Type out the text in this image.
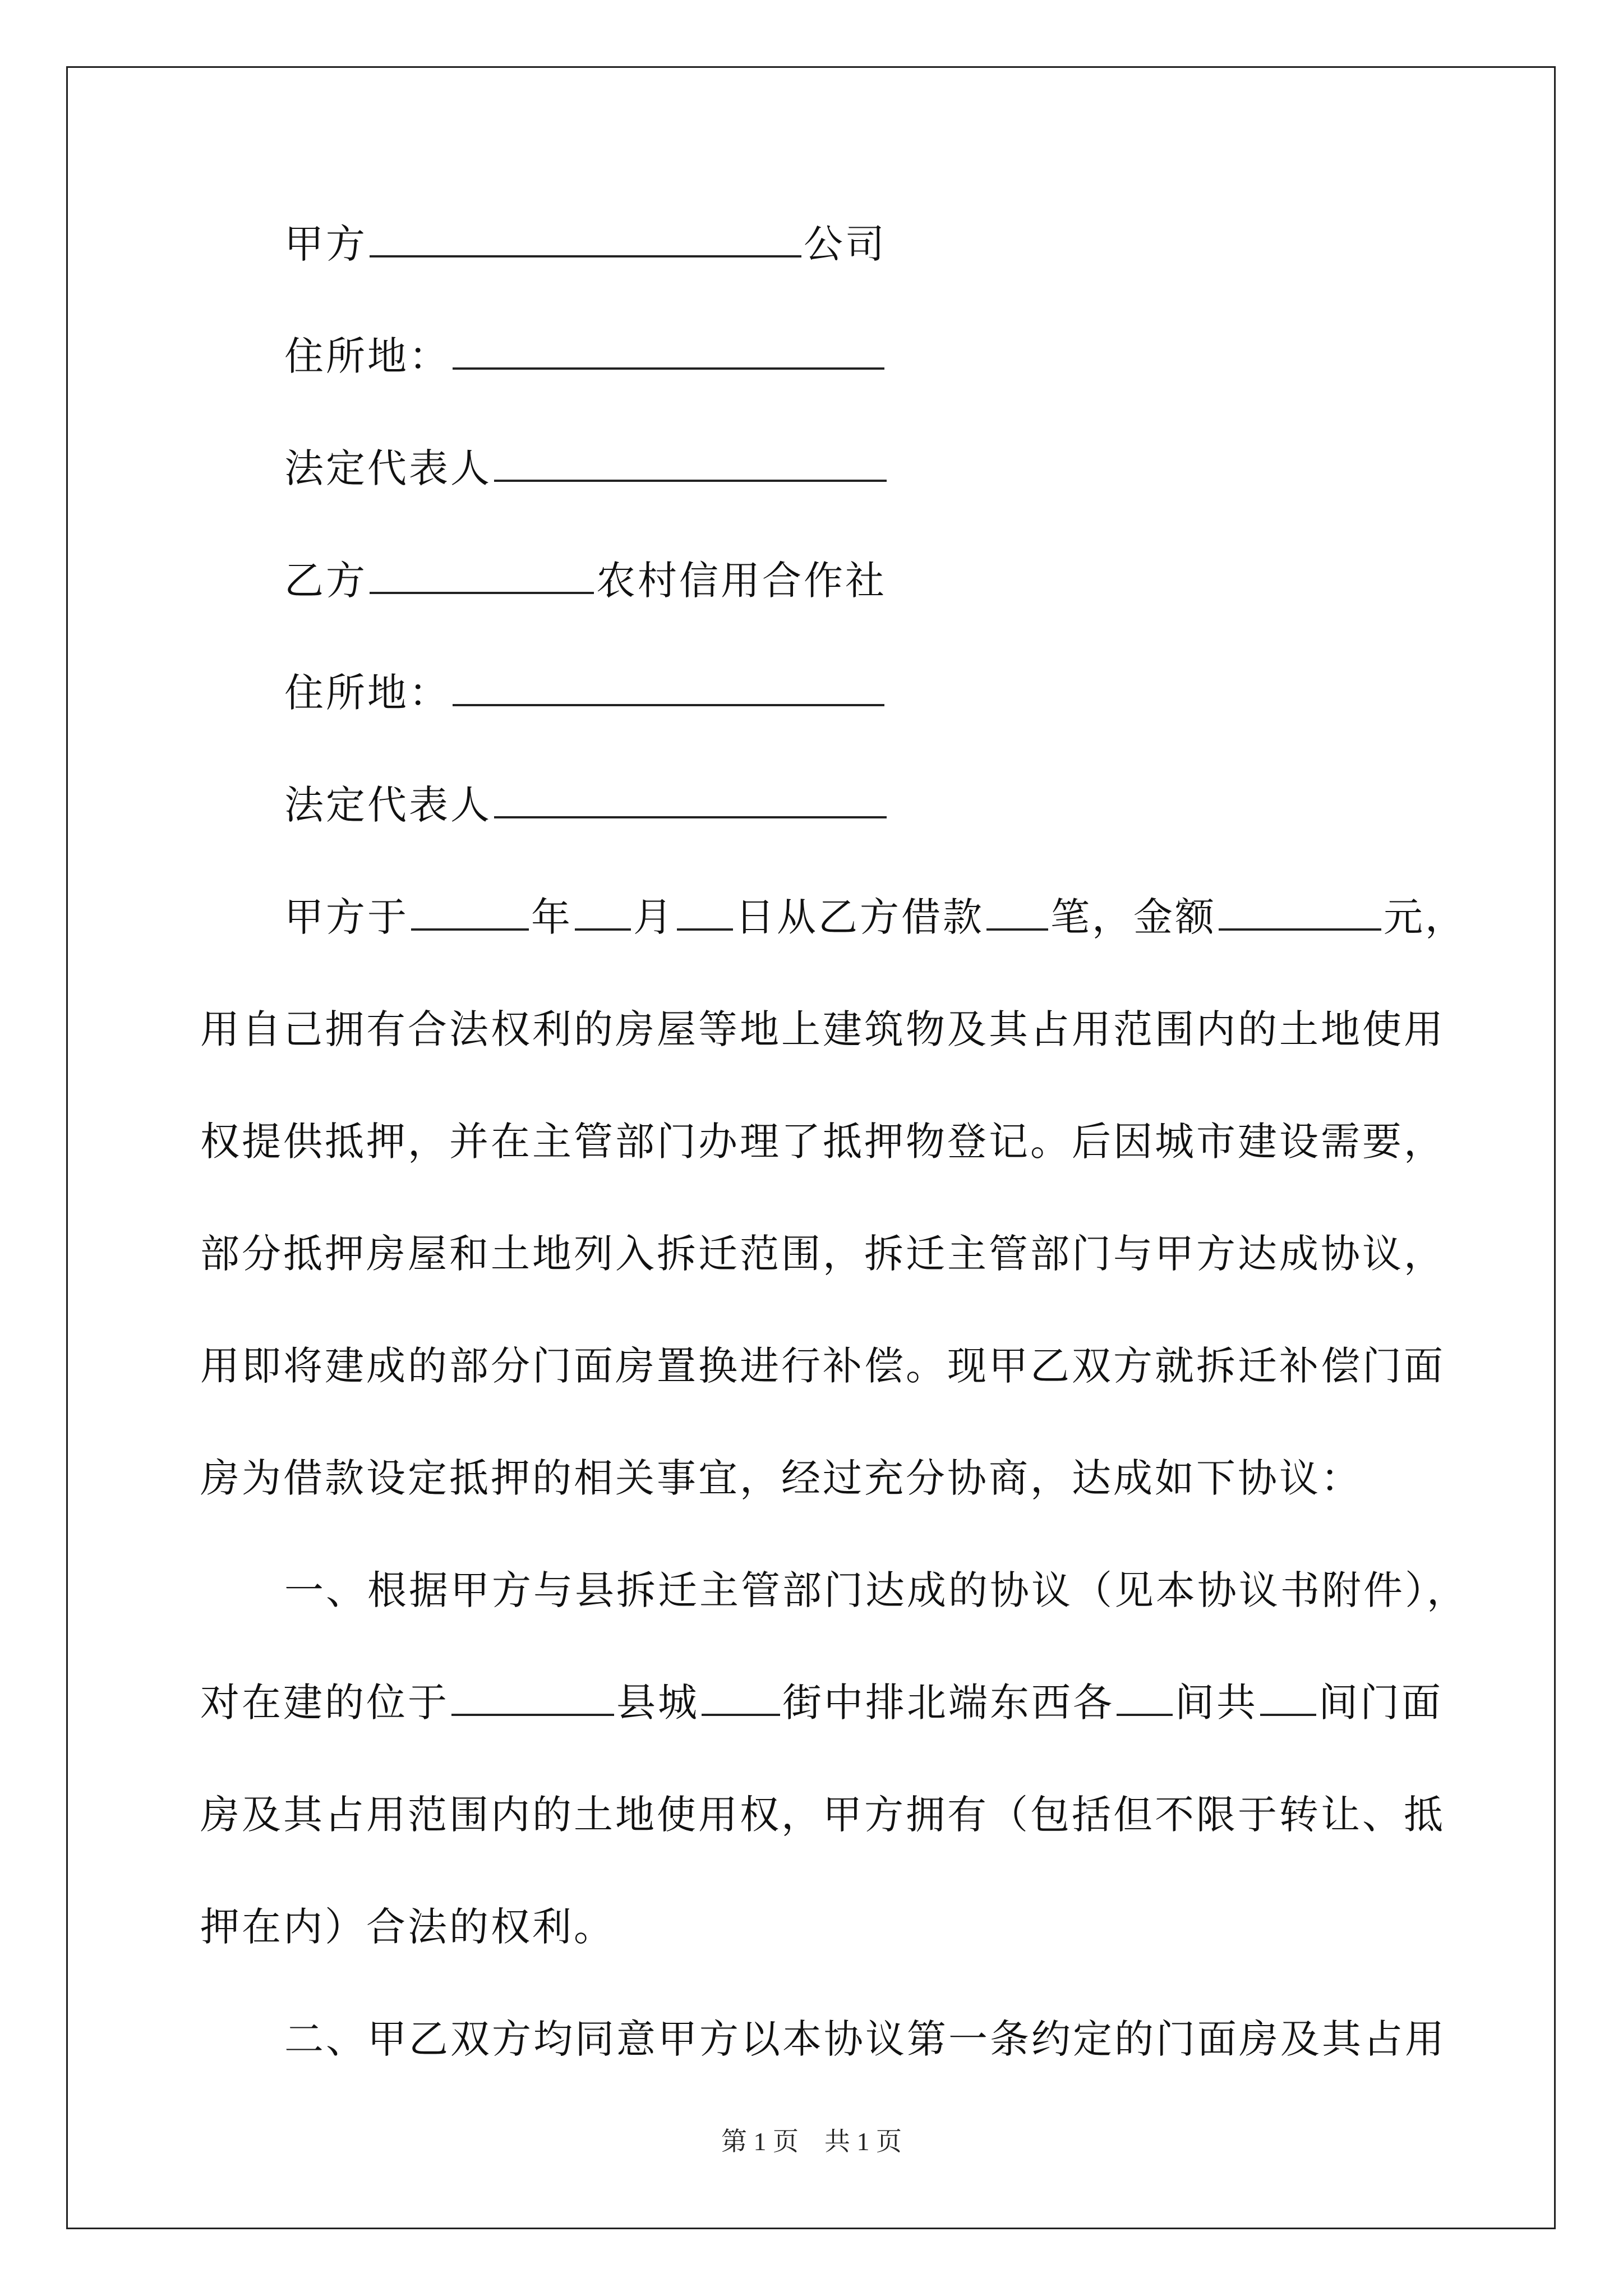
甲方	公司
住所地：
法定代表人
乙方	农村信用合作社
住所地：
法定代表人
甲方于	年 月 日从乙方借款 笔，金额	元，
用自己拥有合法权利的房屋等地上建筑物及其占用范围内的土地使用
权提供抵押，并在主管部门办理了抵押物登记。后因城市建设需要，
部分抵押房屋和土地列入拆迁范围，拆迁主管部门与甲方达成协议，
用即将建成的部分门面房置换进行补偿。现甲乙双方就拆迁补偿门面
房为借款设定抵押的相关事宜，经过充分协商，达成如下协议：
一、根据甲方与县拆迁主管部门达成的协议（见本协议书附件），
对在建的位于	县城 街中排北端东西各 间共 间门面
房及其占用范围内的土地使用权，甲方拥有（包括但不限于转让、抵
押在内）合法的权利。
二、甲乙双方均同意甲方以本协议第一条约定的门面房及其占用
第 1 页　共 1 页
